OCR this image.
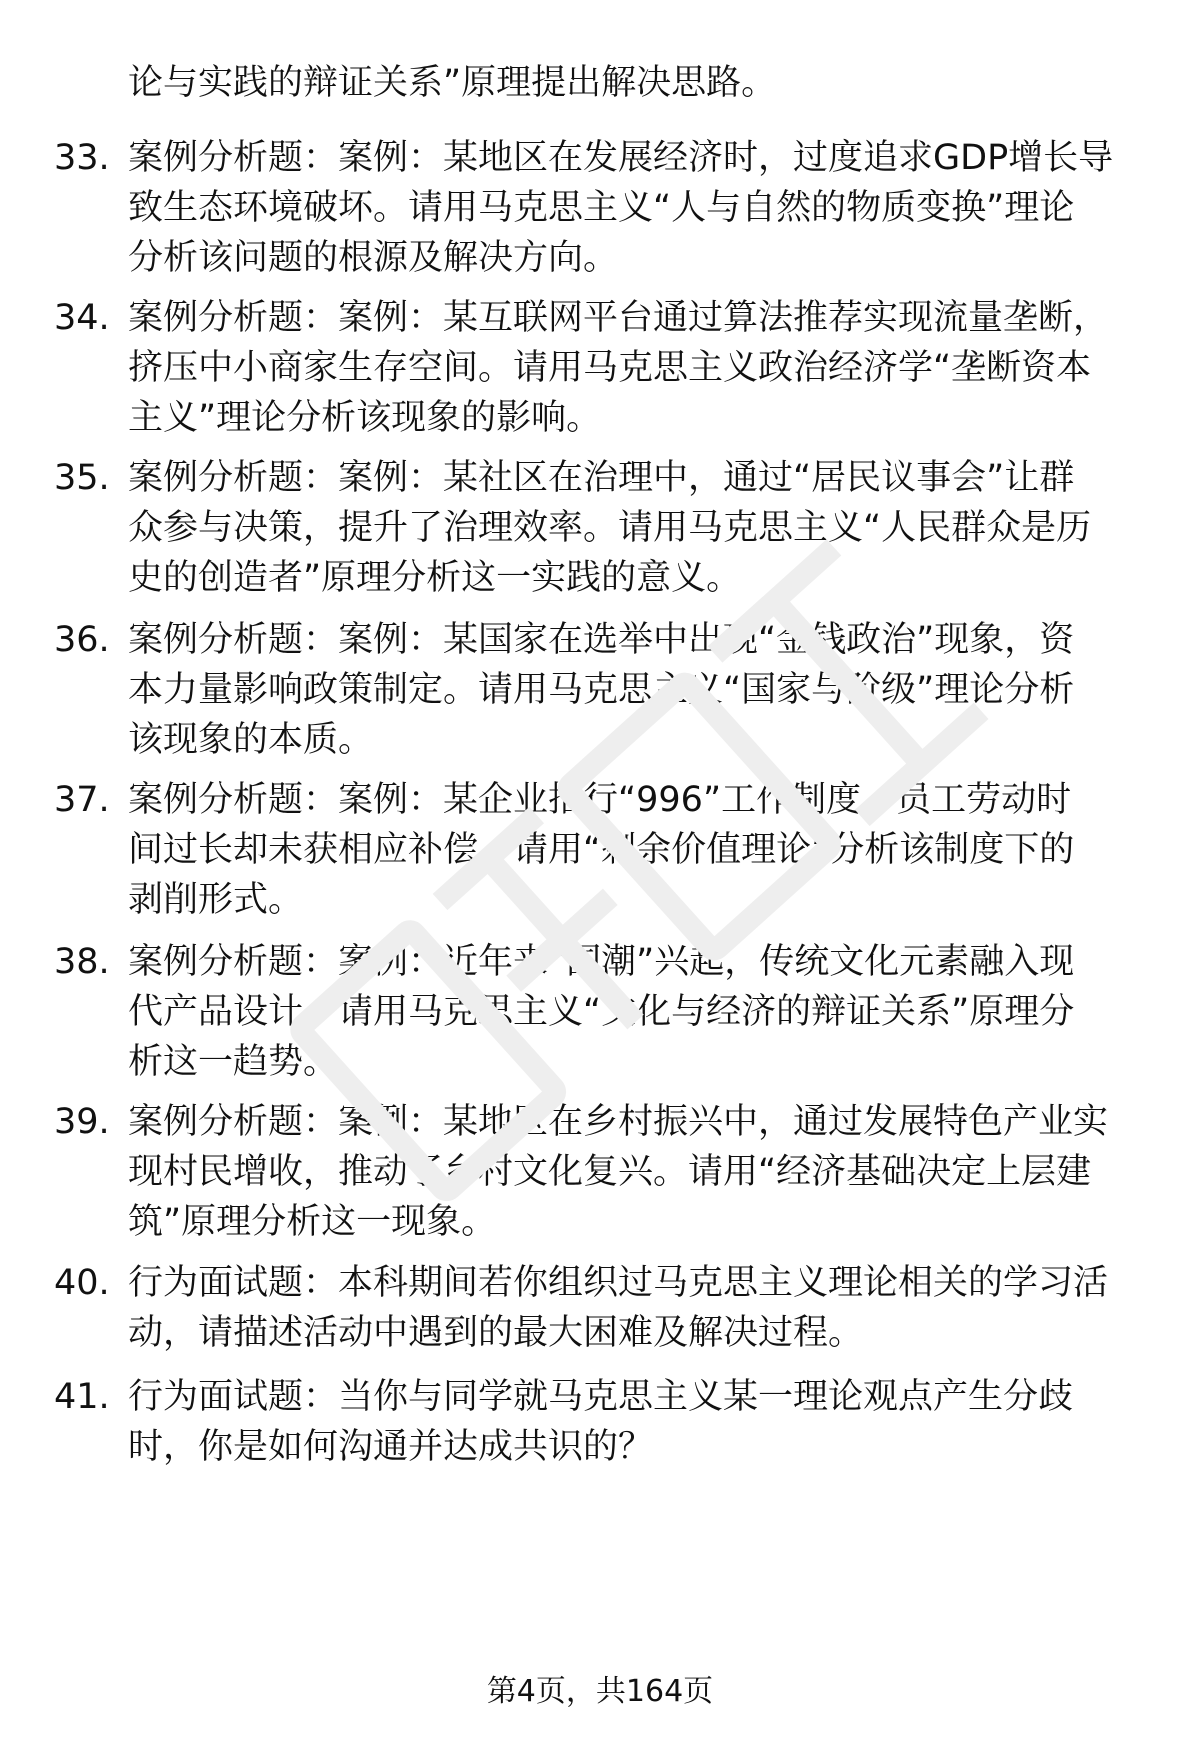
论与实践的辩证关系”原理提出解决思路。
33. 案例分析题：案例：某地区在发展经济时，过度追求GDP增长导
致生态环境破坏。请用马克思主义“人与自然的物质变换”理论
分析该问题的根源及解决方向。
34. 案例分析题：案例：某互联网平台通过算法推荐实现流量垄断，
挤压中小商家生存空间。请用马克思主义政治经济学“垄断资本
主义”理论分析该现象的影响。
35. 案例分析题：案例：某社区在治理中，通过“居民议事会”让群
众参与决策，提升了治理效率。请用马克思主义“人民群众是历
史的创造者”原理分析这一实践的意义。
36. 案例分析题：案例：某国家在选举中出现“金钱政治”现象，资
本力量影响政策制定。请用马克思主义“国家与阶级”理论分析
该现象的本质。
37. 案例分析题：案例：某企业推行“996”工作制度，员工劳动时
间过长却未获相应补偿。请用“剩余价值理论”分析该制度下的
剥削形式。
38. 案例分析题：案例：近年来“国潮”兴起，传统文化元素融入现
代产品设计。请用马克思主义“文化与经济的辩证关系”原理分
析这一趋势。
39. 案例分析题：案例：某地区在乡村振兴中，通过发展特色产业实
现村民增收，推动了乡村文化复兴。请用“经济基础决定上层建
筑”原理分析这一现象。
40. 行为面试题：本科期间若你组织过马克思主义理论相关的学习活
动，请描述活动中遇到的最大困难及解决过程。
41. 行为面试题：当你与同学就马克思主义某一理论观点产生分歧
时，你是如何沟通并达成共识的？
第4页，共164页
